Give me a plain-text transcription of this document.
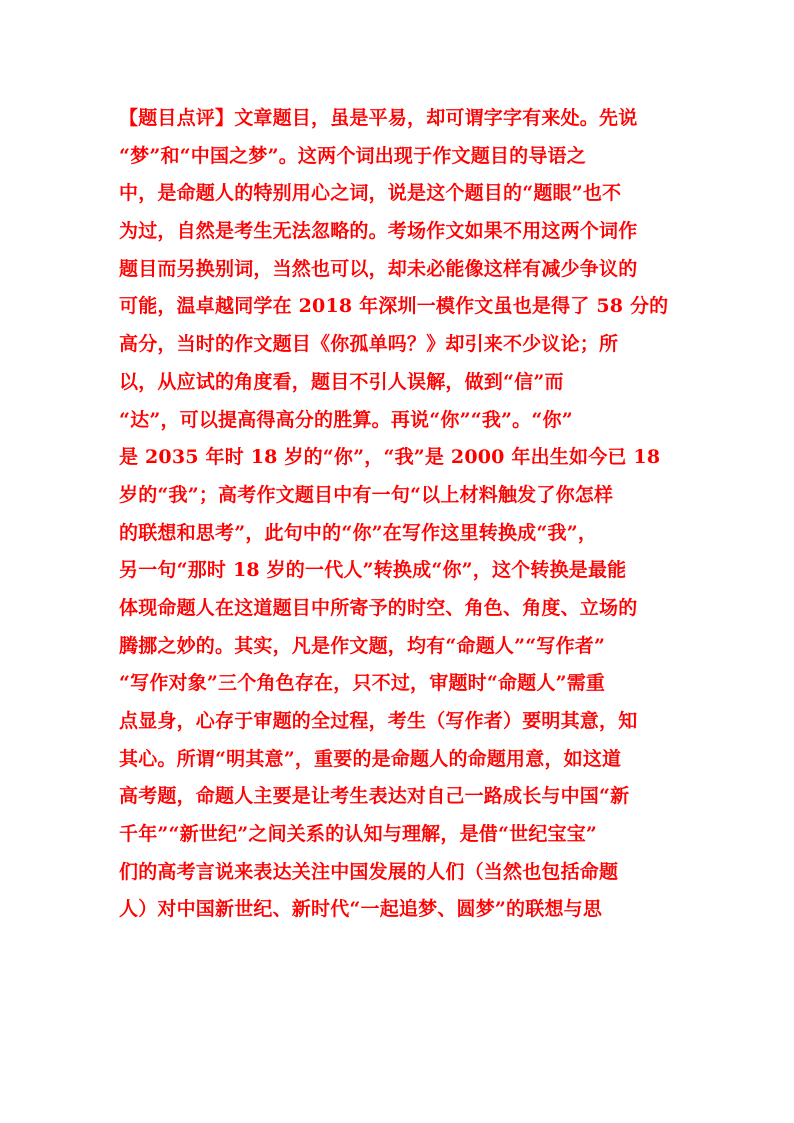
【题目点评】文章题目，虽是平易，却可谓字字有来处。先说
“梦”和“中国之梦”。这两个词出现于作文题目的导语之
中，是命题人的特别用心之词，说是这个题目的“题眼”也不
为过，自然是考生无法忽略的。考场作文如果不用这两个词作
题目而另换别词，当然也可以，却未必能像这样有减少争议的
可能，温卓越同学在 2018 年深圳一模作文虽也是得了 58 分的
高分，当时的作文题目《你孤单吗？》却引来不少议论；所
以，从应试的角度看，题目不引人误解，做到“信”而
“达”，可以提高得高分的胜算。再说“你”“我”。“你”
是 2035 年时 18 岁的“你”，“我”是 2000 年出生如今已 18
岁的“我”；高考作文题目中有一句“以上材料触发了你怎样
的联想和思考”，此句中的“你”在写作这里转换成“我”，
另一句“那时 18 岁的一代人”转换成“你”，这个转换是最能
体现命题人在这道题目中所寄予的时空、角色、角度、立场的
腾挪之妙的。其实，凡是作文题，均有“命题人”“写作者”
“写作对象”三个角色存在，只不过，审题时“命题人”需重
点显身，心存于审题的全过程，考生（写作者）要明其意，知
其心。所谓“明其意”，重要的是命题人的命题用意，如这道
高考题，命题人主要是让考生表达对自己一路成长与中国“新
千年”“新世纪”之间关系的认知与理解，是借“世纪宝宝”
们的高考言说来表达关注中国发展的人们（当然也包括命题
人）对中国新世纪、新时代“一起追梦、圆梦”的联想与思
